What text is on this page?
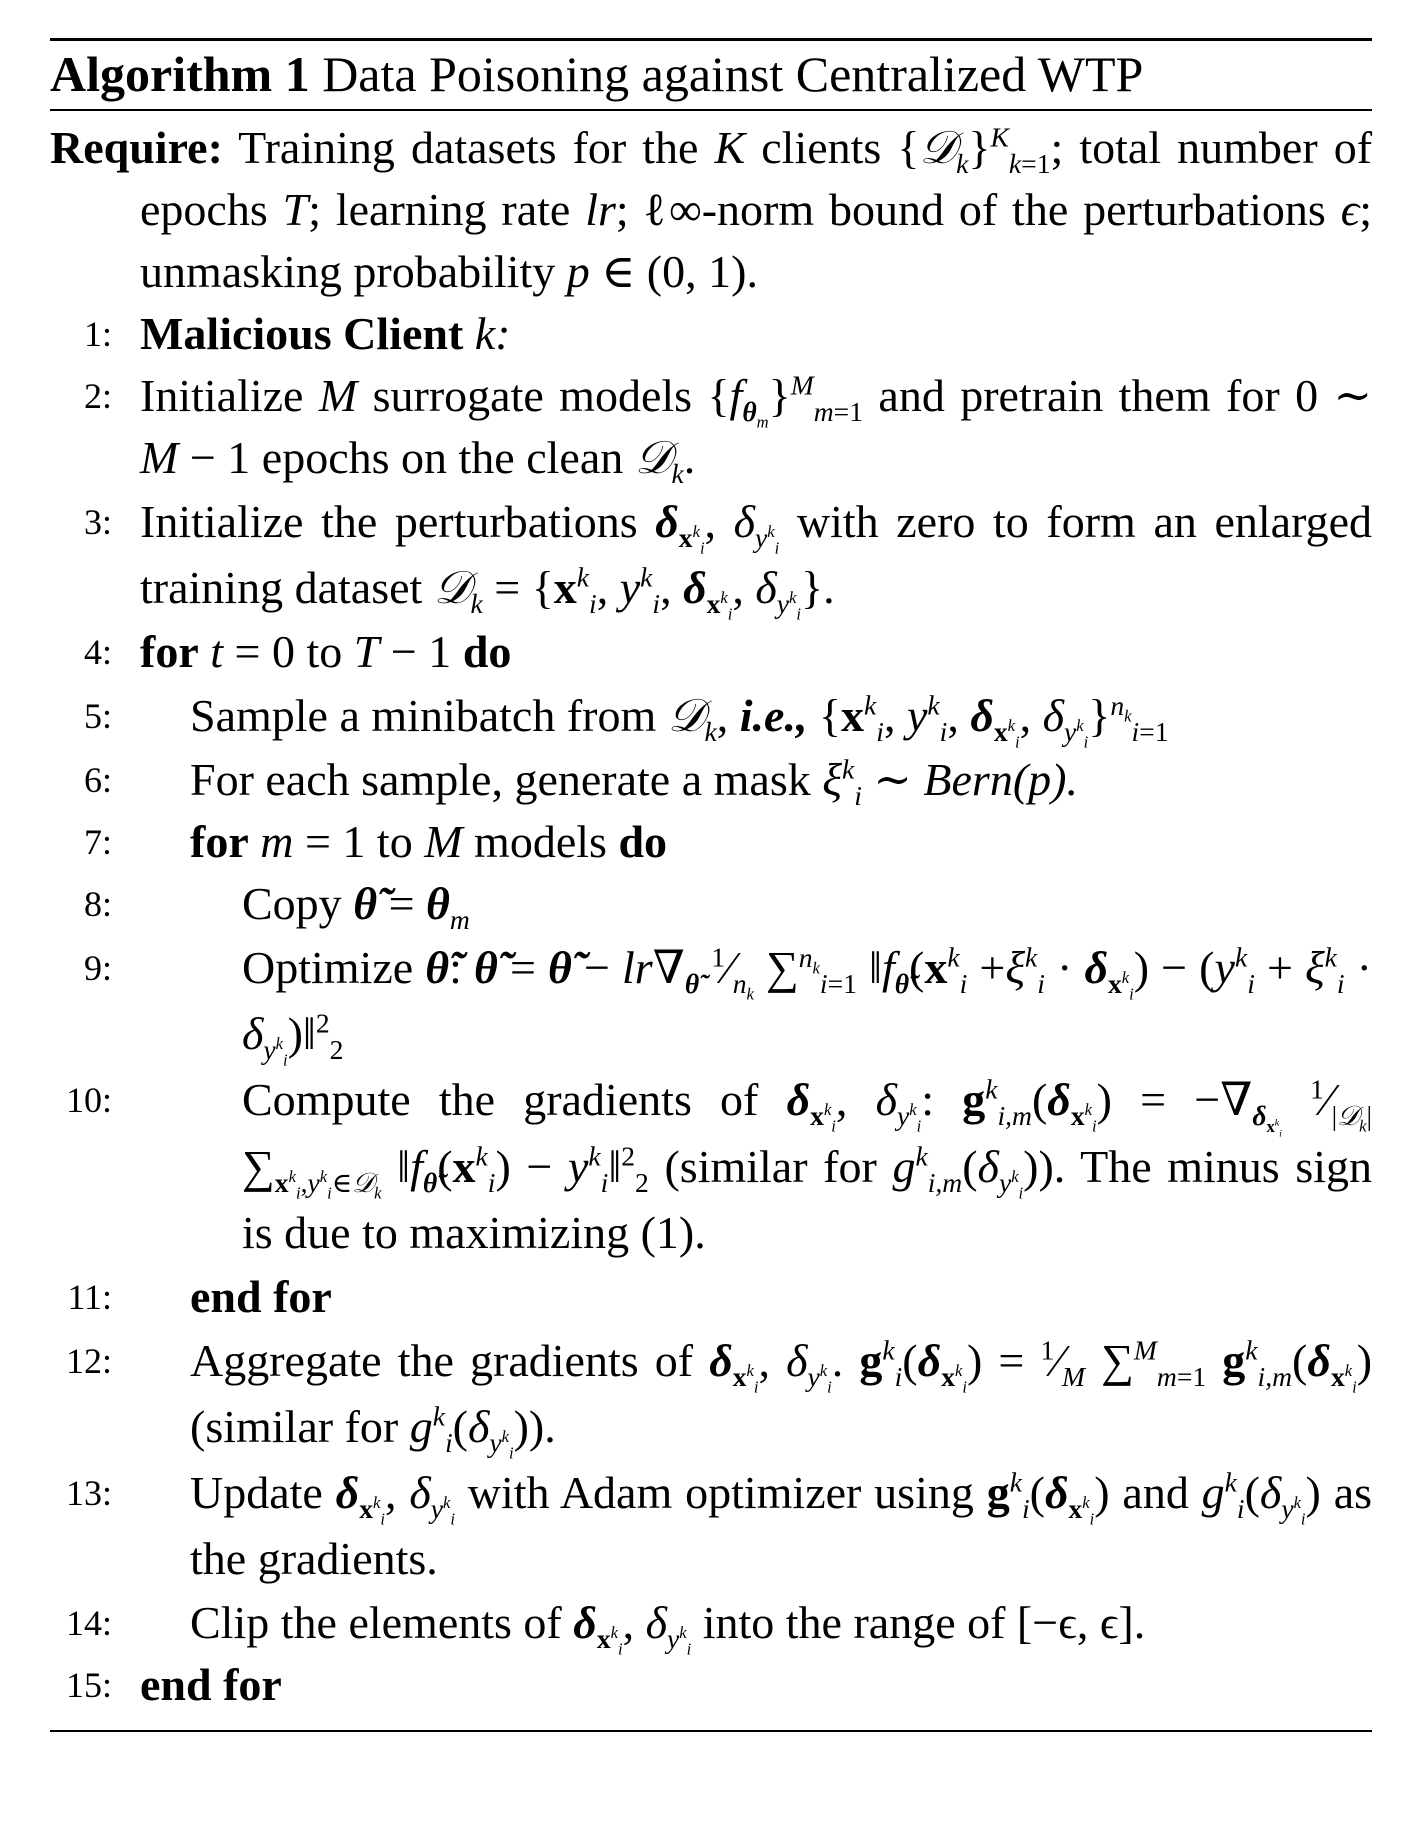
Algorithm 1 Data Poisoning against Centralized WTP
Require: Training datasets for the K clients {𝒟$_k$}$^K_{k=1}$; total number of epochs T; learning rate lr; ℓ∞-norm bound of the perturbations ϵ; unmasking probability p ∈ (0, 1).
1: Malicious Client k:
2: Initialize M surrogate models $\{f_{\theta_m}\}^M_{m=1}$ and pretrain them for 0 ∼ M − 1 epochs on the clean 𝒟$_k$.
3: Initialize the perturbations $\delta_{x^k_i}$, $\delta_{y^k_i}$ with zero to form an enlarged training dataset 𝒟$_k$ = {$x^k_i$, $y^k_i$, $\delta_{x^k_i}$, $\delta_{y^k_i}$}.
4: for t = 0 to T − 1 do
5: Sample a minibatch from 𝒟$_k$, i.e., {$x^k_i$, $y^k_i$, $\delta_{x^k_i}$, $\delta_{y^k_i}\}^{n_k}_{i=1}$
6: For each sample, generate a mask $\xi^k_i$ ∼ Bern(p).
7: for m = 1 to M models do
8:	Copy θ̃ = $\theta_m$
9:	Optimize θ̃: θ̃ = θ̃ − $lr\nabla_{\thetã}$ $^1⁄_{n_k}$ ∑$^{n_k}_{i=1}$ $‖f_{\thetã}(x^k_i +\xi^k_i \cdot \delta_{x^k_i}) - (y^k_i + \xi^k_i$ · $\delta_{y^k_i})‖^2_2$
10:	Compute the gradients of $\delta_{x^k_i}$, $\delta_{y^k_i}$: $g^k_{i,m}(\delta_{x^k_i}) = -\nabla_{\delta_{x^k_i}}$ $^1⁄_{|𝒟_k|}$ $\sum_{x^k_i,y^k_i\in 𝒟_k}$ $‖f_{\thetã}(x^k_i)$ − $y^k_i‖^2_2$ (similar for $g^k_{i,m}(\delta_{y^k_i})$). The minus sign is due to maximizing (1).
11: end for
12: Aggregate the gradients of $\delta_{x^k_i}$, $\delta_{y^k_i}$. $g^k_i(\delta_{x^k_i})$ = $^1⁄_M$ ∑$^M_{m=1}$ $g^k_{i,m}(\delta_{x^k_i})$ (similar for $g^k_i(\delta_{y^k_i})$).
13: Update $\delta_{x^k_i}$, $\delta_{y^k_i}$ with Adam optimizer using $g^k_i(\delta_{x^k_i})$ and $g^k_i(\delta_{y^k_i})$ as the gradients.
14: Clip the elements of $\delta_{x^k_i}$, $\delta_{y^k_i}$ into the range of [−ϵ, ϵ].
15: end for
